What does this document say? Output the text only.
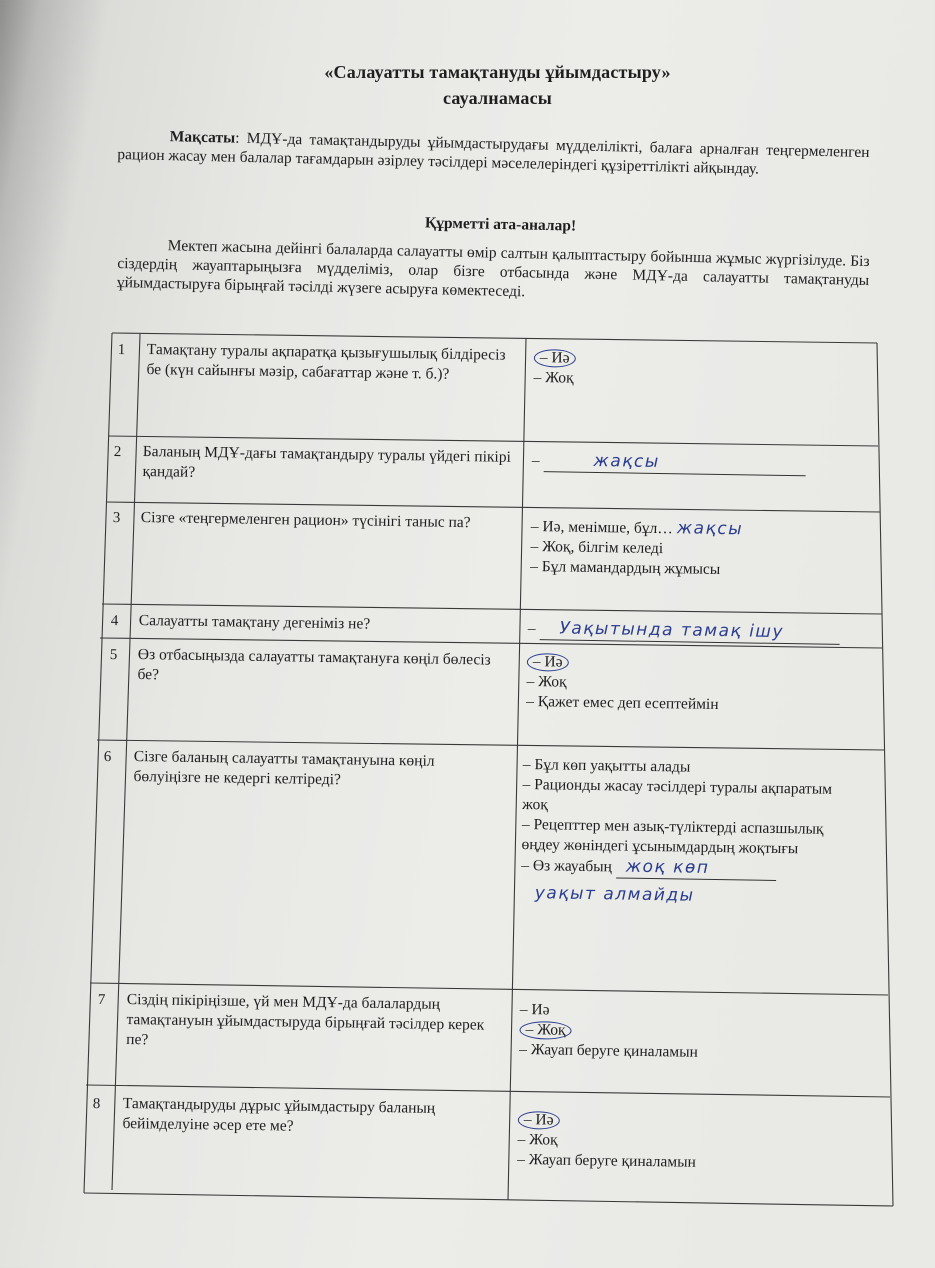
«Салауатты тамақтануды ұйымдастыру»
сауалнамасы
Мақсаты: МДҰ-да тамақтандыруды ұйымдастырудағы мүдделілікті, балаға арналған теңгермеленген рацион жасау мен балалар тағамдарын әзірлеу тәсілдері мәселелеріндегі құзіреттілікті айқындау.
Құрметті ата-аналар!
Мектеп жасына дейінгі балаларда салауатты өмір салтын қалыптастыру бойынша жұмыс жүргізілуде. Біз сіздердің жауаптарыңызға мүдделіміз, олар бізге отбасында және МДҰ-да салауатты тамақтануды ұйымдастыруға бірыңғай тәсілді жүзеге асыруға көмектеседі.
1 Тамақтану туралы ақпаратқа қызығушылық білдіресіз бе (күн сайынғы мәзір, сабағаттар және т. б.)?
– Иә
– Жоқ
2 Баланың МДҰ-дағы тамақтандыру туралы үйдегі пікірі қандай?
–	жақсы
3 Сізге «теңгермеленген рацион» түсінігі таныс па?	– Иә, менімше, бұл… жақсы
– Жоқ, білгім келеді
– Бұл мамандардың жұмысы
4 Салауатты тамақтану дегеніміз не?	– Уақытында тамақ ішу
5 Өз отбасыңызда салауатты тамақтануға көңіл бөлесіз бе?
– Иә
– Жоқ
– Қажет емес деп есептеймін
6 Сізге баланың салауатты тамақтануына көңіл бөлуіңізге не кедергі келтіреді?
– Бұл көп уақытты алады
– Рационды жасау тәсілдері туралы ақпаратым жоқ
– Рецепттер мен азық-түліктерді аспазшылық өңдеу жөніндегі ұсынымдардың жоқтығы
– Өз жауабың жоқ көп
уақыт алмайды
7 Сіздің пікіріңізше, үй мен МДҰ-да балалардың тамақтануын ұйымдастыруда бірыңғай тәсілдер керек пе?
– Иә
– Жоқ
– Жауап беруге қиналамын
8 Тамақтандыруды дұрыс ұйымдастыру баланың бейімделуіне әсер ете ме?	– Иә
– Жоқ
– Жауап беруге қиналамын
